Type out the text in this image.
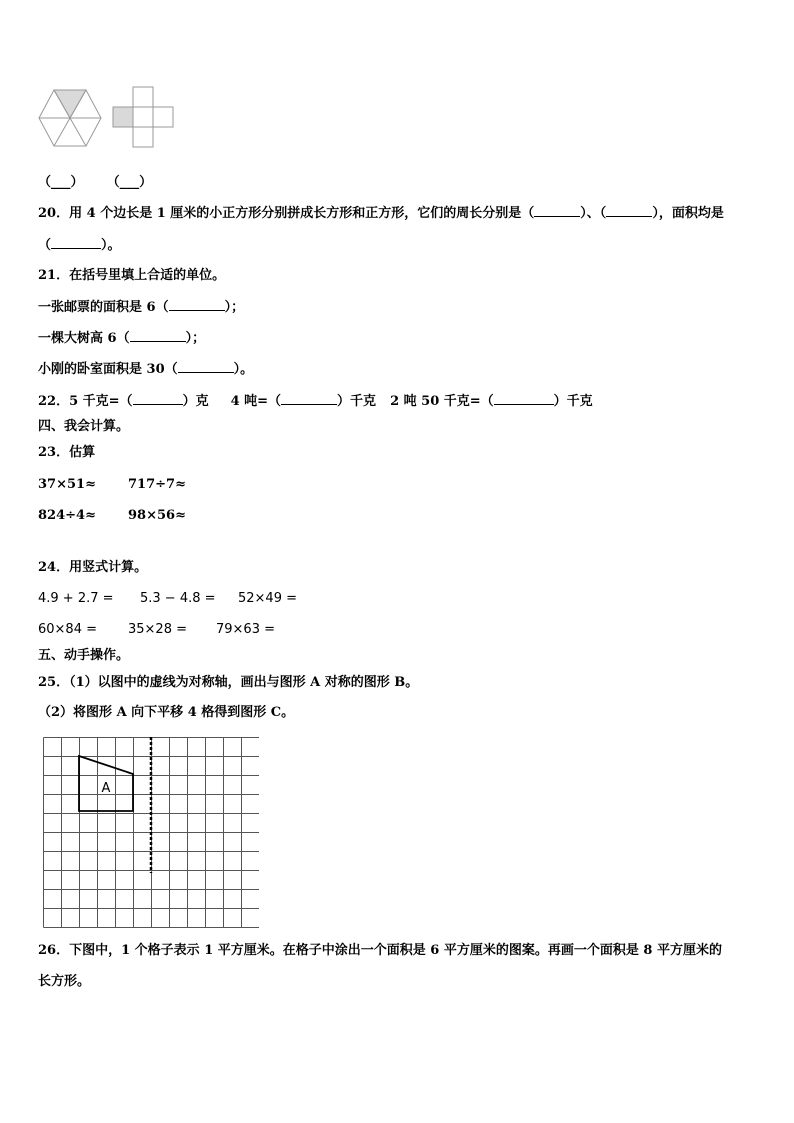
（___） （___）
20．用 4 个边长是 1 厘米的小正方形分别拼成长方形和正方形，它们的周长分别是（	）、（	），面积均是
（	）。
21．在括号里填上合适的单位。
一张邮票的面积是 6（	）；
一棵大树高 6（	）；
小刚的卧室面积是 30（	）。
22．5 千克=（	）克 4 吨=（	）千克 2 吨 50 千克=（	）千克
四、我会计算。
23．估算
37×51≈ 717÷7≈
824÷4≈ 98×56≈
24．用竖式计算。
4.9 + 2.7 = 5.3 − 4.8 = 52×49 =
60×84 = 35×28 = 79×63 =
五、动手操作。
25．（1）以图中的虚线为对称轴，画出与图形 A 对称的图形 B。
（2）将图形 A 向下平移 4 格得到图形 C。
A
26．下图中，1 个格子表示 1 平方厘米。在格子中涂出一个面积是 6 平方厘米的图案。再画一个面积是 8 平方厘米的
长方形。
